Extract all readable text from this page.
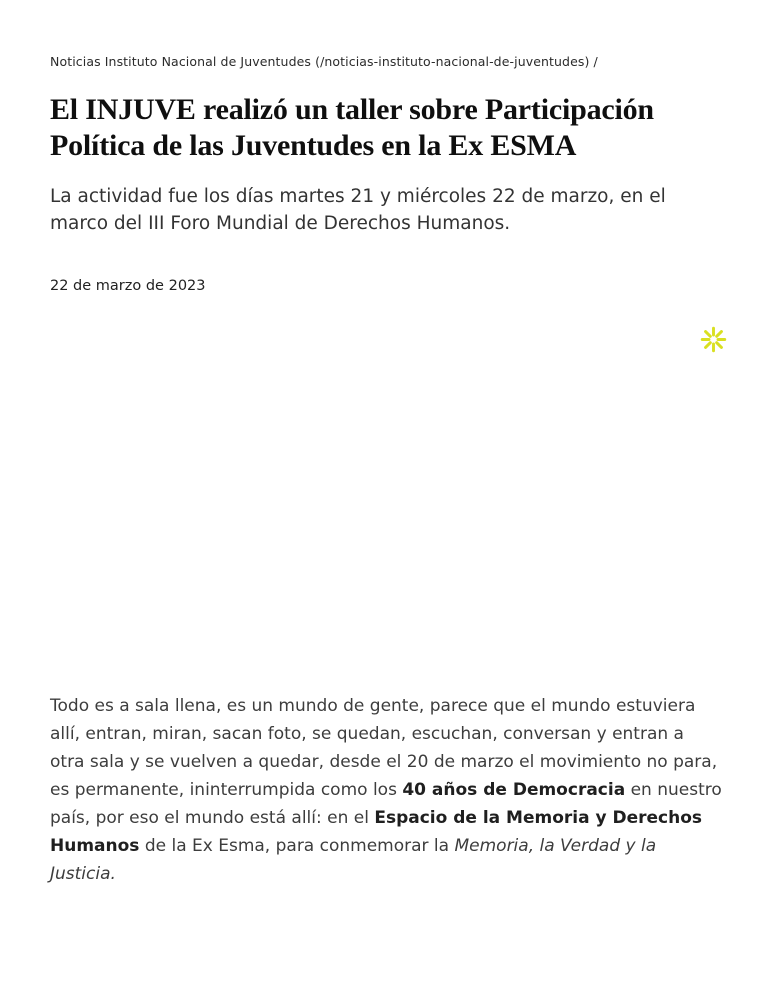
Noticias Instituto Nacional de Juventudes (/noticias-instituto-nacional-de-juventudes) /
El INJUVE realizó un taller sobre Participación Política de las Juventudes en la Ex ESMA

La actividad fue los días martes 21 y miércoles 22 de marzo, en el marco del III Foro Mundial de Derechos Humanos.

22 de marzo de 2023

Todo es a sala llena, es un mundo de gente, parece que el mundo estuviera allí, entran, miran, sacan foto, se quedan, escuchan, conversan y entran a otra sala y se vuelven a quedar, desde el 20 de marzo el movimiento no para, es permanente, ininterrumpida como los 40 años de Democracia en nuestro país, por eso el mundo está allí: en el Espacio de la Memoria y Derechos Humanos de la Ex Esma, para conmemorar la Memoria, la Verdad y la Justicia.
